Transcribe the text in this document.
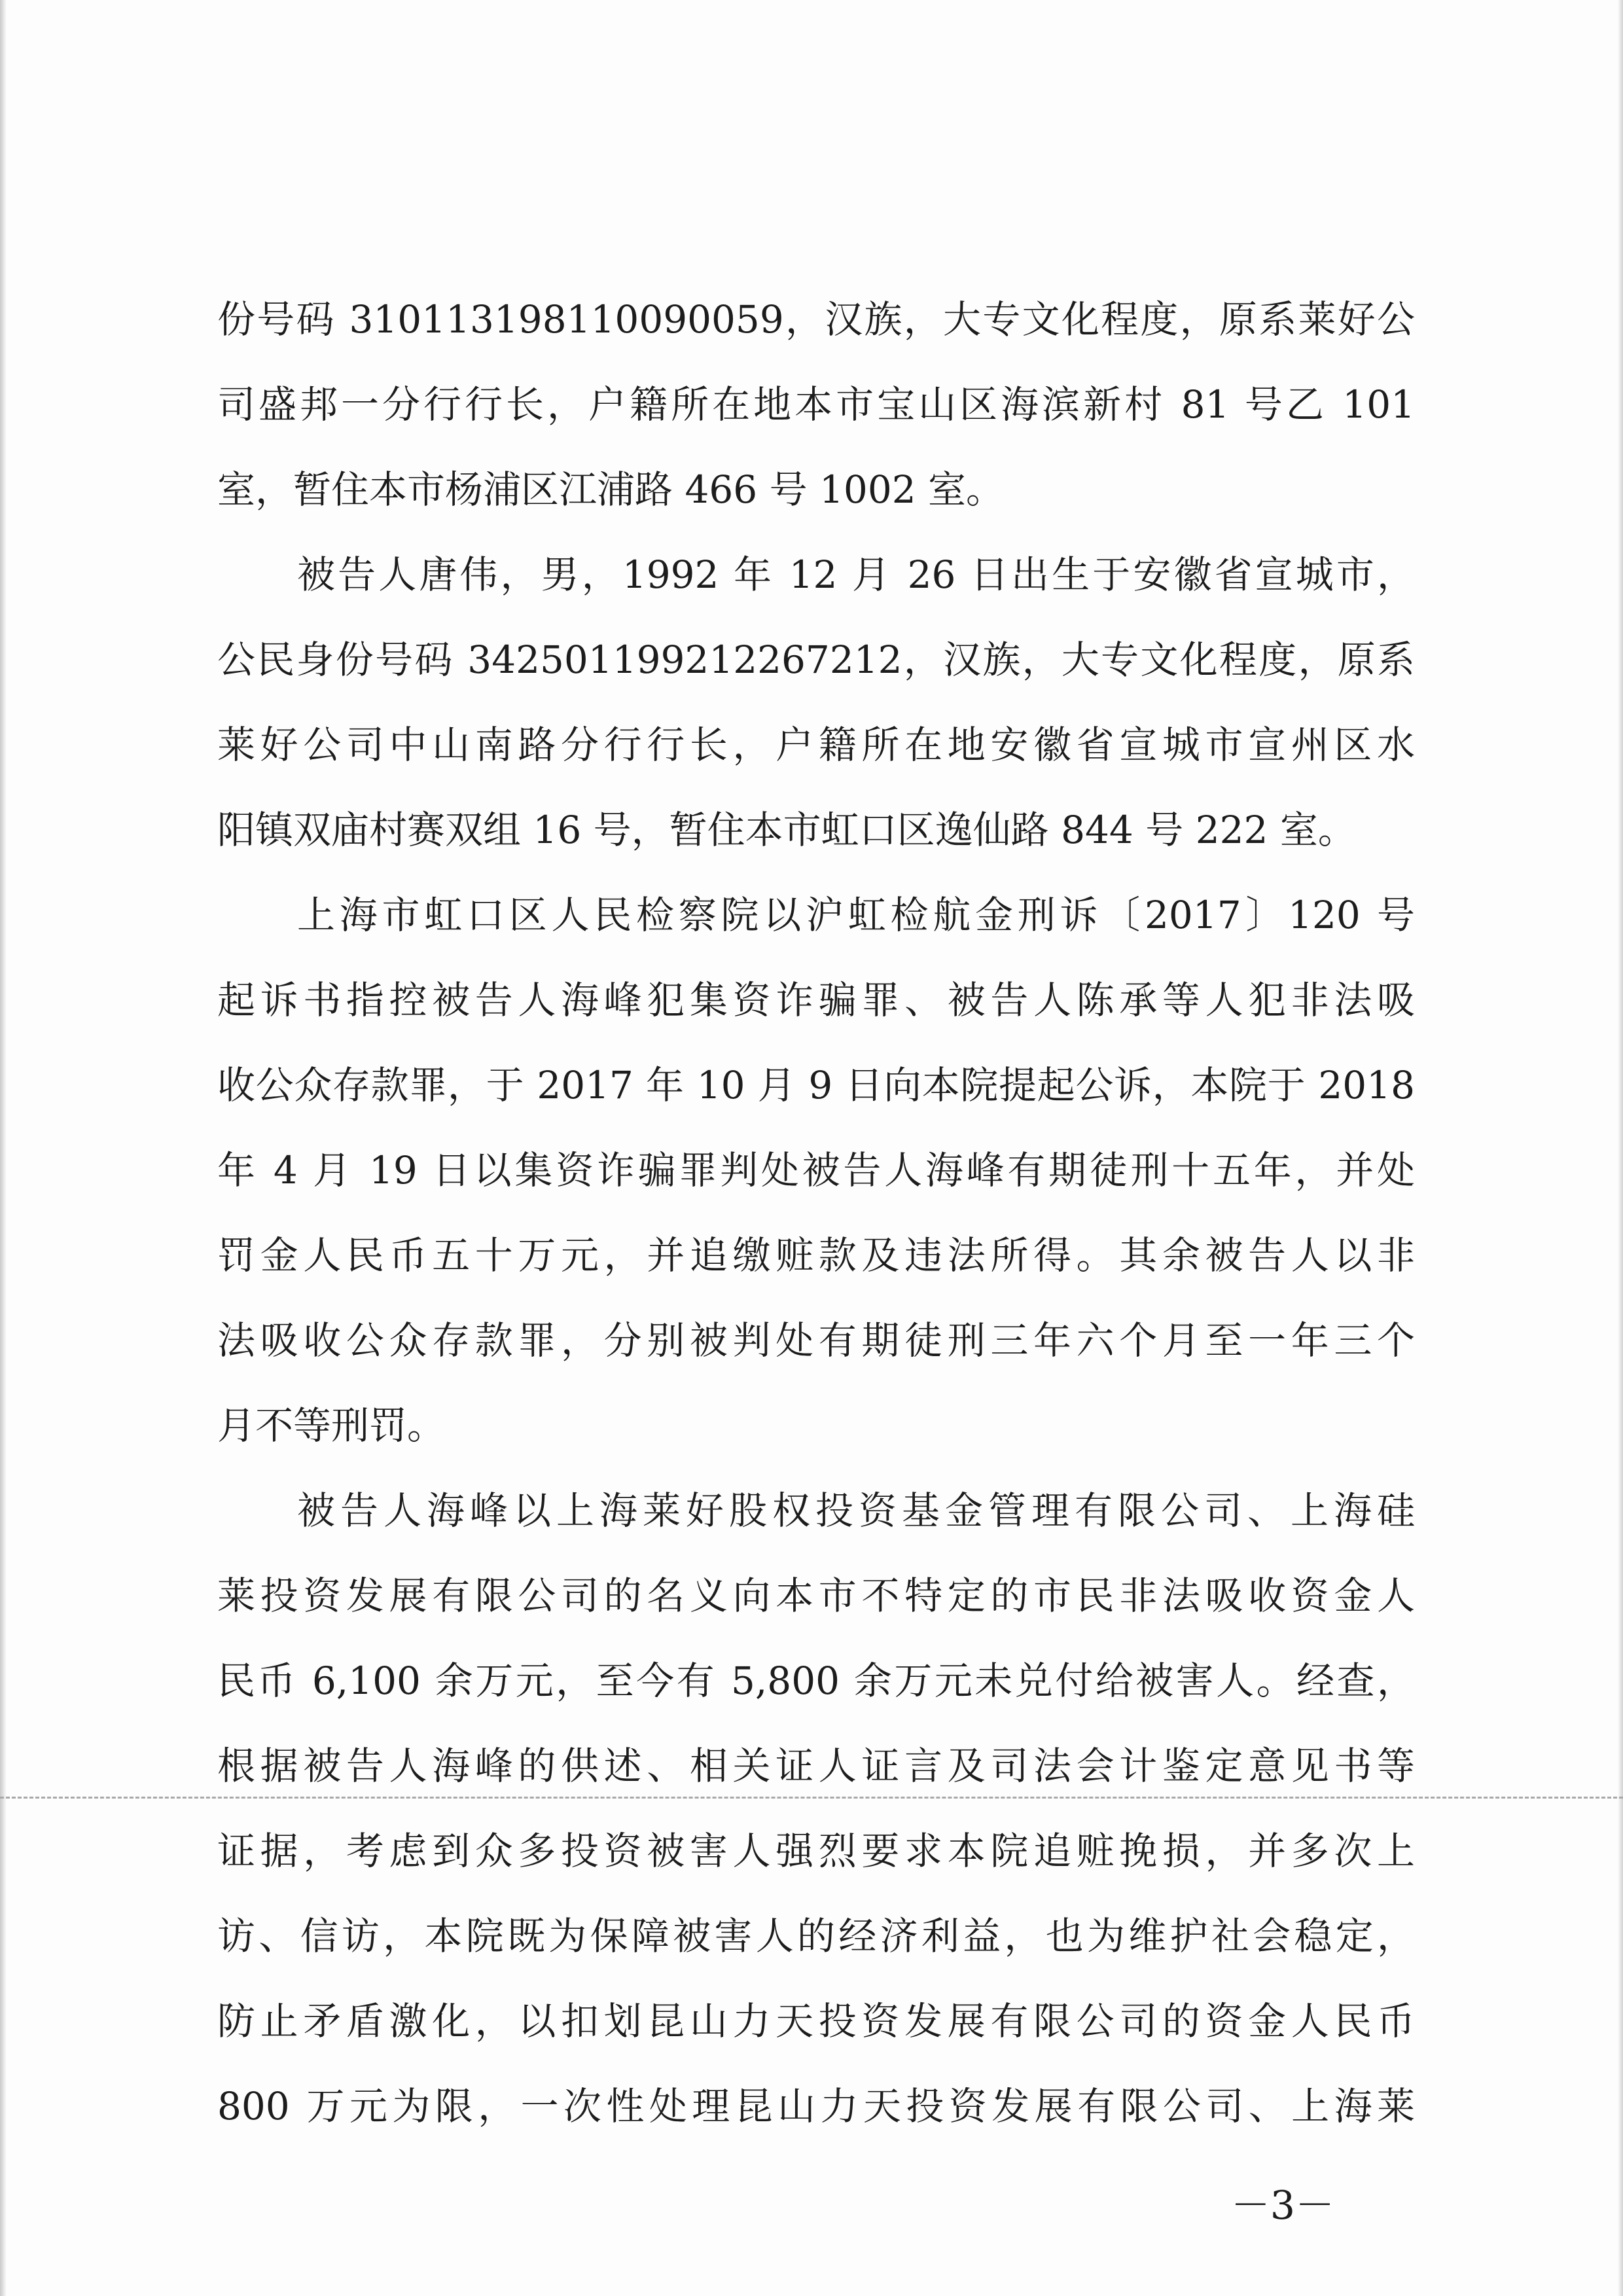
份号码 310113198110090059，汉族，大专文化程度，原系莱好公

司盛邦一分行行长，户籍所在地本市宝山区海滨新村 81 号乙 101

室，暂住本市杨浦区江浦路 466 号 1002 室。

被告人唐伟，男，1992 年 12 月 26 日出生于安徽省宣城市，

公民身份号码 342501199212267212，汉族，大专文化程度，原系

莱好公司中山南路分行行长，户籍所在地安徽省宣城市宣州区水

阳镇双庙村赛双组 16 号，暂住本市虹口区逸仙路 844 号 222 室。

上海市虹口区人民检察院以沪虹检航金刑诉〔2017〕120 号

起诉书指控被告人海峰犯集资诈骗罪、被告人陈承等人犯非法吸

收公众存款罪，于 2017 年 10 月 9 日向本院提起公诉，本院于 2018

年 4 月 19 日以集资诈骗罪判处被告人海峰有期徒刑十五年，并处

罚金人民币五十万元，并追缴赃款及违法所得。其余被告人以非

法吸收公众存款罪，分别被判处有期徒刑三年六个月至一年三个

月不等刑罚。

被告人海峰以上海莱好股权投资基金管理有限公司、上海硅

莱投资发展有限公司的名义向本市不特定的市民非法吸收资金人

民币 6,100 余万元，至今有 5,800 余万元未兑付给被害人。经查，

根据被告人海峰的供述、相关证人证言及司法会计鉴定意见书等

证据，考虑到众多投资被害人强烈要求本院追赃挽损，并多次上

访、信访，本院既为保障被害人的经济利益，也为维护社会稳定，

防止矛盾激化，以扣划昆山力天投资发展有限公司的资金人民币

800 万元为限，一次性处理昆山力天投资发展有限公司、上海莱

－3－
